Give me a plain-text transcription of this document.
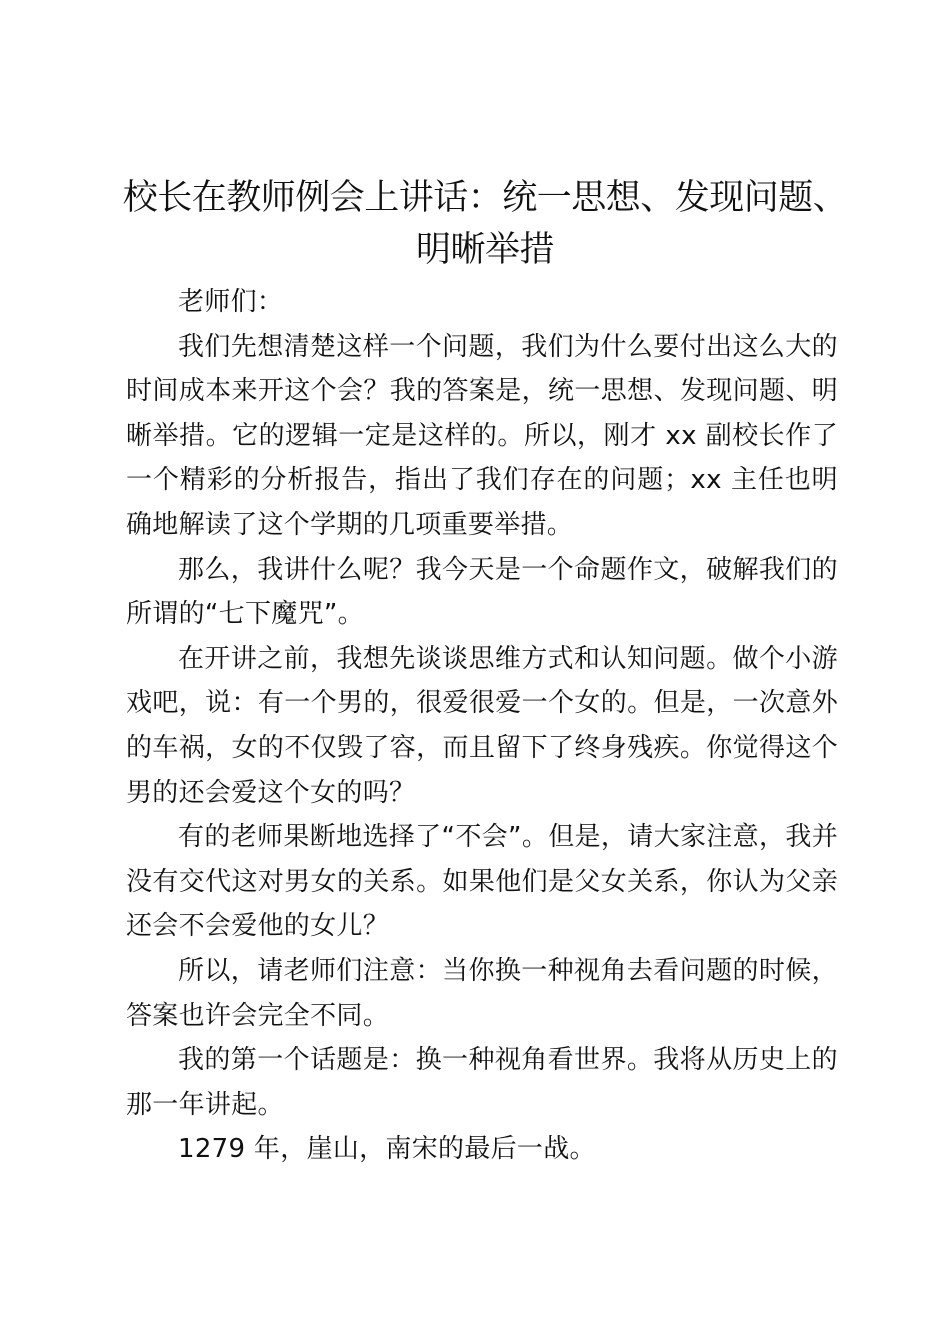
校长在教师例会上讲话：统一思想、发现问题、
明晰举措

老师们：

我们先想清楚这样一个问题，我们为什么要付出这么大的时间成本来开这个会？我的答案是，统一思想、发现问题、明晰举措。它的逻辑一定是这样的。所以，刚才 xx 副校长作了一个精彩的分析报告，指出了我们存在的问题；xx 主任也明确地解读了这个学期的几项重要举措。

那么，我讲什么呢？我今天是一个命题作文，破解我们的所谓的“七下魔咒”。

在开讲之前，我想先谈谈思维方式和认知问题。做个小游戏吧，说：有一个男的，很爱很爱一个女的。但是，一次意外的车祸，女的不仅毁了容，而且留下了终身残疾。你觉得这个男的还会爱这个女的吗？

有的老师果断地选择了“不会”。但是，请大家注意，我并没有交代这对男女的关系。如果他们是父女关系，你认为父亲还会不会爱他的女儿？

所以，请老师们注意：当你换一种视角去看问题的时候，答案也许会完全不同。

我的第一个话题是：换一种视角看世界。我将从历史上的那一年讲起。

1279 年，崖山，南宋的最后一战。
